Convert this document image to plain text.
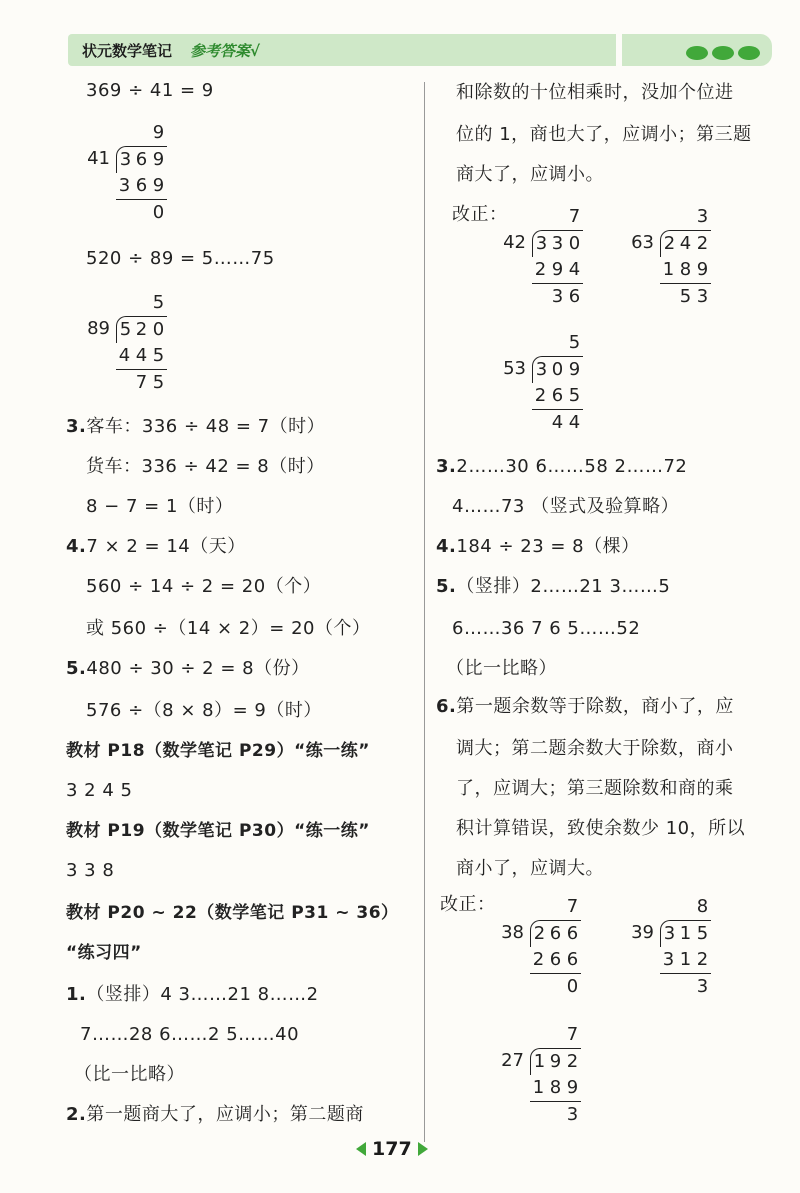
状元数学笔记 参考答案√
369 ÷ 41 = 9
9
41 3 6 9
3 6 9
0
520 ÷ 89 = 5……75
5
89 5 2 0
4 4 5
7 5
3.客车：336 ÷ 48 = 7（时）
货车：336 ÷ 42 = 8（时）
8 − 7 = 1（时）
4.7 × 2 = 14（天）
560 ÷ 14 ÷ 2 = 20（个）
或 560 ÷（14 × 2）= 20（个）
5.480 ÷ 30 ÷ 2 = 8（份）
576 ÷（8 × 8）= 9（时）
教材 P18（数学笔记 P29）“练一练”
3 2 4 5
教材 P19（数学笔记 P30）“练一练”
3 3 8
教材 P20 ~ 22（数学笔记 P31 ~ 36）
“练习四”
1.（竖排）4 3……21 8……2
7……28 6……2 5……40
（比一比略）
2.第一题商大了，应调小；第二题商
和除数的十位相乘时，没加个位进
位的 1，商也大了，应调小；第三题
商大了，应调小。
改正：	7
42 3 3 0
2 9 4
3 6
3
63 2 4 2
1 8 9
5 3
5
53 3 0 9
2 6 5
4 4
3.2……30 6……58 2……72
4……73 （竖式及验算略）
4.184 ÷ 23 = 8（棵）
5.（竖排）2……21 3……5
6……36 7 6 5……52
（比一比略）
6.第一题余数等于除数，商小了，应
调大；第二题余数大于除数，商小
了，应调大；第三题除数和商的乘
积计算错误，致使余数少 10，所以
商小了，应调大。
改正：	7
38 2 6 6
2 6 6
0
8
39 3 1 5
3 1 2
3
7
27 1 9 2
1 8 9
3
177
